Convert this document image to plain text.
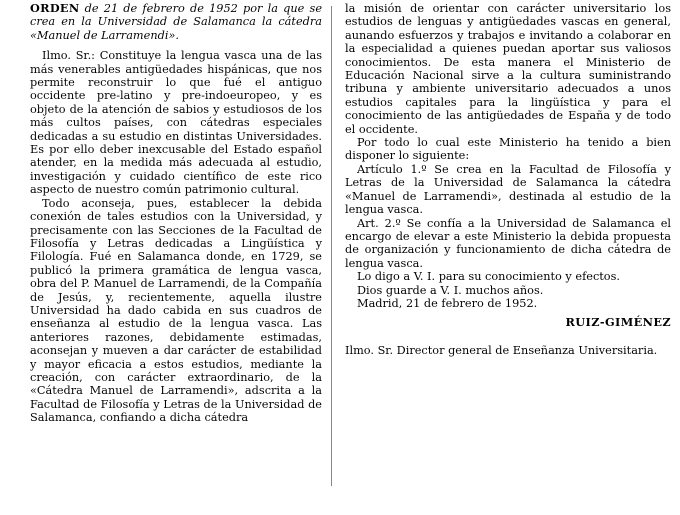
ORDEN de 21 de febrero de 1952 por la que se crea en la Universidad de Salamanca la cátedra «Manuel de Larramendi».

Ilmo. Sr.: Constituye la lengua vasca una de las más venerables antigüedades hispánicas, que nos permite reconstruir lo que fué el antiguo occidente pre-latino y pre-indoeuropeo, y es objeto de la atención de sabios y estudiosos de los más cultos países, con cátedras especiales dedicadas a su estudio en distintas Universidades. Es por ello deber inexcusable del Estado español atender, en la medida más adecuada al estudio, investigación y cuidado científico de este rico aspecto de nuestro común patrimonio cultural.

Todo aconseja, pues, establecer la debida conexión de tales estudios con la Universidad, y precisamente con las Secciones de la Facultad de Filosofía y Letras dedicadas a Lingüística y Filología. Fué en Salamanca donde, en 1729, se publicó la primera gramática de lengua vasca, obra del P. Manuel de Larramendi, de la Compañía de Jesús, y, recientemente, aquella ilustre Universidad ha dado cabida en sus cuadros de enseñanza al estudio de la lengua vasca. Las anteriores razones, debidamente estimadas, aconsejan y mueven a dar carácter de estabilidad y mayor eficacia a estos estudios, mediante la creación, con carácter extraordinario, de la «Cátedra Manuel de Larramendi», adscrita a la Facultad de Filosofía y Letras de la Universidad de Salamanca, confiando a dicha cátedra

la misión de orientar con carácter universitario los estudios de lenguas y antigüedades vascas en general, aunando esfuerzos y trabajos e invitando a colaborar en la especialidad a quienes puedan aportar sus valiosos conocimientos. De esta manera el Ministerio de Educación Nacional sirve a la cultura suministrando tribuna y ambiente universitario adecuados a unos estudios capitales para la lingüística y para el conocimiento de las antigüedades de España y de todo el occidente.

Por todo lo cual este Ministerio ha tenido a bien disponer lo siguiente:

Artículo 1.º Se crea en la Facultad de Filosofía y Letras de la Universidad de Salamanca la cátedra «Manuel de Larramendi», destinada al estudio de la lengua vasca.

Art. 2.º Se confía a la Universidad de Salamanca el encargo de elevar a este Ministerio la debida propuesta de organización y funcionamiento de dicha cátedra de lengua vasca.

Lo digo a V. I. para su conocimiento y efectos.

Dios guarde a V. I. muchos años.

Madrid, 21 de febrero de 1952.

RUIZ-GIMÉNEZ

Ilmo. Sr. Director general de Enseñanza Universitaria.
